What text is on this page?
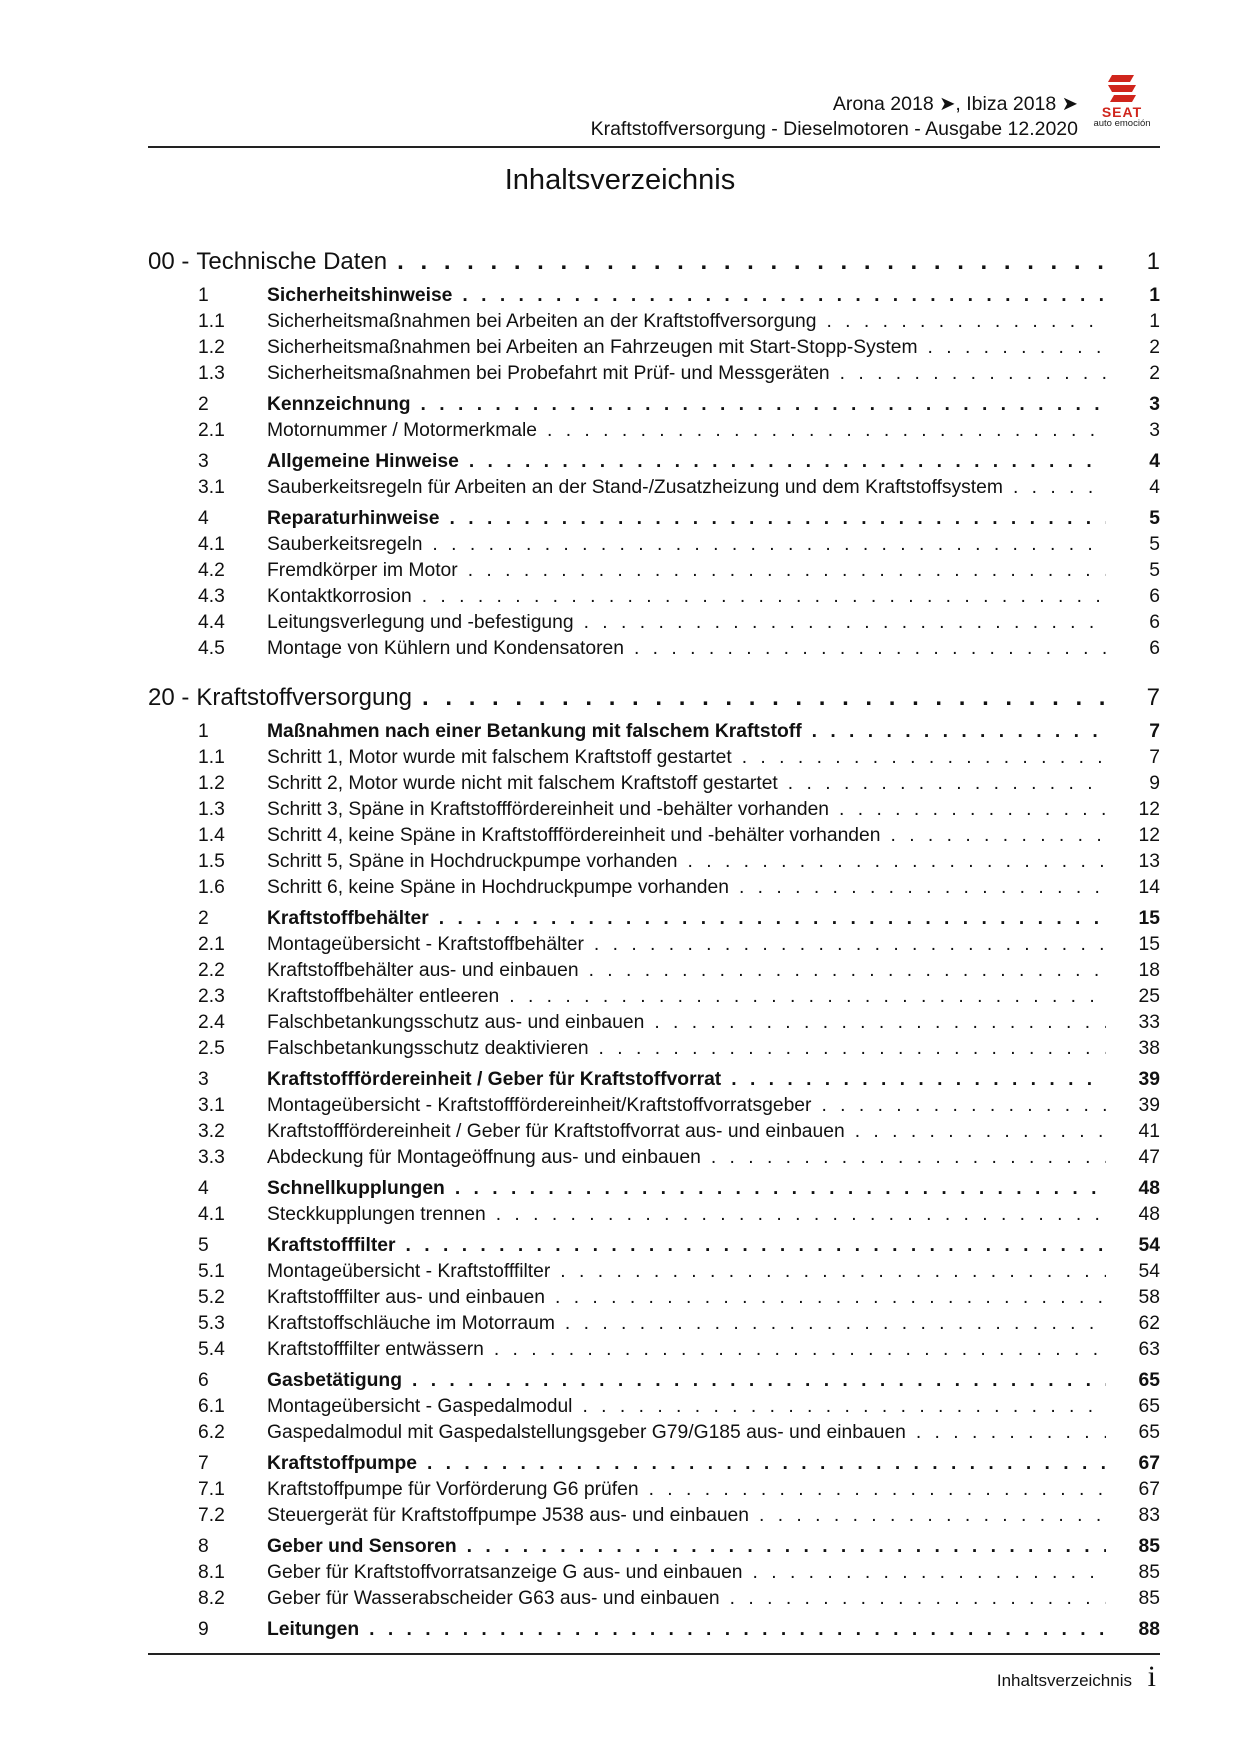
Arona 2018 ➤, Ibiza 2018 ➤
Kraftstoffversorgung - Dieselmotoren - Ausgabe 12.2020
SEAT
auto emoción
Inhaltsverzeichnis
00 - Technische Daten . . .	1
1	Sicherheitshinweise . . .	1
1.1	Sicherheitsmaßnahmen bei Arbeiten an der Kraftstoffversorgung . . .	1
1.2	Sicherheitsmaßnahmen bei Arbeiten an Fahrzeugen mit Start-Stopp-System . . .	2
1.3	Sicherheitsmaßnahmen bei Probefahrt mit Prüf- und Messgeräten . . .	2
2	Kennzeichnung . . .	3
2.1	Motornummer / Motormerkmale . . .	3
3	Allgemeine Hinweise . . .	4
3.1	Sauberkeitsregeln für Arbeiten an der Stand-/Zusatzheizung und dem Kraftstoffsystem . . .	4
4	Reparaturhinweise . . .	5
4.1	Sauberkeitsregeln . . .	5
4.2	Fremdkörper im Motor . . .	5
4.3	Kontaktkorrosion . . .	6
4.4	Leitungsverlegung und -befestigung . . .	6
4.5	Montage von Kühlern und Kondensatoren . . .	6
20 - Kraftstoffversorgung . . .	7
1	Maßnahmen nach einer Betankung mit falschem Kraftstoff . . .	7
1.1	Schritt 1, Motor wurde mit falschem Kraftstoff gestartet . . .	7
1.2	Schritt 2, Motor wurde nicht mit falschem Kraftstoff gestartet . . .	9
1.3	Schritt 3, Späne in Kraftstofffördereinheit und -behälter vorhanden . . .	12
1.4	Schritt 4, keine Späne in Kraftstofffördereinheit und -behälter vorhanden . . .	12
1.5	Schritt 5, Späne in Hochdruckpumpe vorhanden . . .	13
1.6	Schritt 6, keine Späne in Hochdruckpumpe vorhanden . . .	14
2	Kraftstoffbehälter . . .	15
2.1	Montageübersicht - Kraftstoffbehälter . . .	15
2.2	Kraftstoffbehälter aus- und einbauen . . .	18
2.3	Kraftstoffbehälter entleeren . . .	25
2.4	Falschbetankungsschutz aus- und einbauen . . .	33
2.5	Falschbetankungsschutz deaktivieren . . .	38
3	Kraftstofffördereinheit / Geber für Kraftstoffvorrat . . .	39
3.1	Montageübersicht - Kraftstofffördereinheit/Kraftstoffvorratsgeber . . .	39
3.2	Kraftstofffördereinheit / Geber für Kraftstoffvorrat aus- und einbauen . . .	41
3.3	Abdeckung für Montageöffnung aus- und einbauen . . .	47
4	Schnellkupplungen . . .	48
4.1	Steckkupplungen trennen . . .	48
5	Kraftstofffilter . . .	54
5.1	Montageübersicht - Kraftstofffilter . . .	54
5.2	Kraftstofffilter aus- und einbauen . . .	58
5.3	Kraftstoffschläuche im Motorraum . . .	62
5.4	Kraftstofffilter entwässern . . .	63
6	Gasbetätigung . . .	65
6.1	Montageübersicht - Gaspedalmodul . . .	65
6.2	Gaspedalmodul mit Gaspedalstellungsgeber G79/G185 aus- und einbauen . . .	65
7	Kraftstoffpumpe . . .	67
7.1	Kraftstoffpumpe für Vorförderung G6 prüfen . . .	67
7.2	Steuergerät für Kraftstoffpumpe J538 aus- und einbauen . . .	83
8	Geber und Sensoren . . .	85
8.1	Geber für Kraftstoffvorratsanzeige G aus- und einbauen . . .	85
8.2	Geber für Wasserabscheider G63 aus- und einbauen . . .	85
9	Leitungen . . .	88
Inhaltsverzeichnis i
